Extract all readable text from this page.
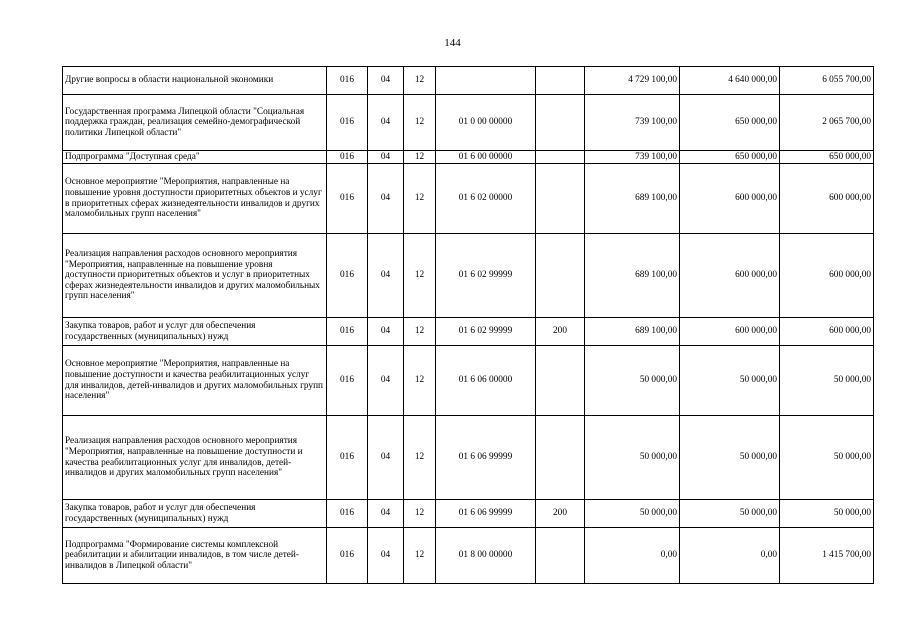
144
Другие вопросы в области национальной экономики	016	04	12			4 729 100,00	4 640 000,00	6 055 700,00
Государственная программа Липецкой области "Социальная поддержка граждан, реализация семейно-демографической политики Липецкой области"	016	04	12	01 0 00 00000		739 100,00	650 000,00	2 065 700,00
Подпрограмма "Доступная среда"	016	04	12	01 6 00 00000		739 100,00	650 000,00	650 000,00
Основное мероприятие "Мероприятия, направленные на повышение уровня доступности приоритетных объектов и услуг в приоритетных сферах жизнедеятельности инвалидов и других маломобильных групп населения"	016	04	12	01 6 02 00000		689 100,00	600 000,00	600 000,00
Реализация направления расходов основного мероприятия "Мероприятия, направленные на повышение уровня доступности приоритетных объектов и услуг в приоритетных сферах жизнедеятельности инвалидов и других маломобильных групп населения"	016	04	12	01 6 02 99999		689 100,00	600 000,00	600 000,00
Закупка товаров, работ и услуг для обеспечения государственных (муниципальных) нужд	016	04	12	01 6 02 99999	200	689 100,00	600 000,00	600 000,00
Основное мероприятие "Мероприятия, направленные на повышение доступности и качества реабилитационных услуг для инвалидов, детей-инвалидов и других маломобильных групп населения"	016	04	12	01 6 06 00000		50 000,00	50 000,00	50 000,00
Реализация направления расходов основного мероприятия "Мероприятия, направленные на повышение доступности и качества реабилитационных услуг для инвалидов, детей-инвалидов и других маломобильных групп населения"	016	04	12	01 6 06 99999		50 000,00	50 000,00	50 000,00
Закупка товаров, работ и услуг для обеспечения государственных (муниципальных) нужд	016	04	12	01 6 06 99999	200	50 000,00	50 000,00	50 000,00
Подпрограмма "Формирование системы комплексной реабилитации и абилитации инвалидов, в том числе детей-инвалидов в Липецкой области"	016	04	12	01 8 00 00000		0,00	0,00	1 415 700,00
